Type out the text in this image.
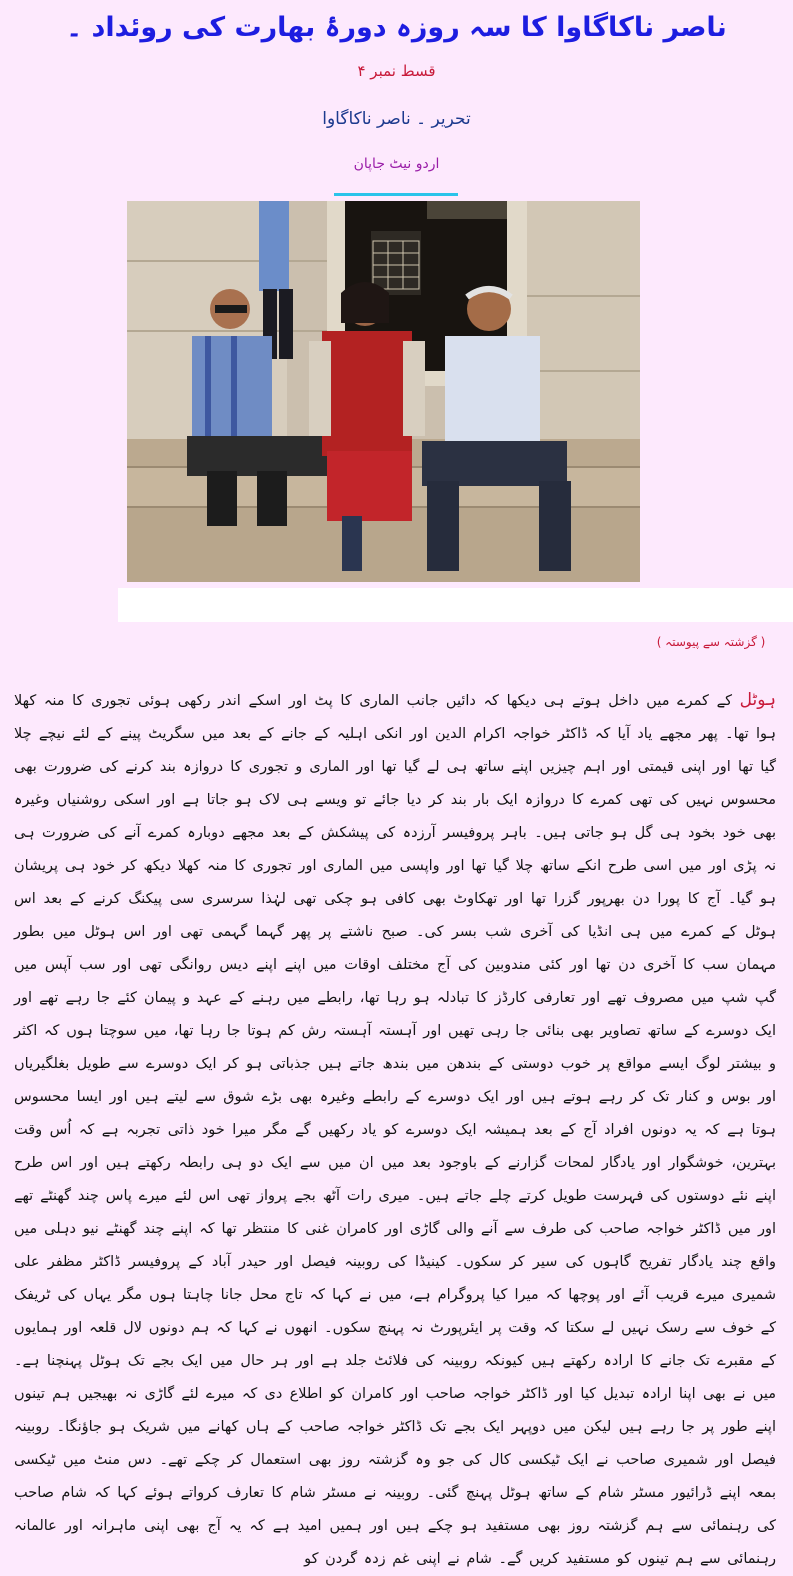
ناصر ناکاگاوا کا سہ روزہ دورۂ بھارت کی روئداد ۔
قسط نمبر ۴
تحریر ۔ ناصر ناکاگاوا
اردو نیٹ جاپان
( گزشتہ سے پیوستہ )
ہوٹل کے کمرے میں داخل ہوتے ہی دیکھا کہ دائیں جانب الماری کا پٹ اور اسکے اندر رکھی ہوئی تجوری کا منہ کھلا ہوا تھا۔ پھر مجھے یاد آیا کہ ڈاکٹر خواجہ اکرام الدین اور انکی اہلیہ کے جانے کے بعد میں سگریٹ پینے کے لئے نیچے چلا گیا تھا اور اپنی قیمتی اور اہم چیزیں اپنے ساتھ ہی لے گیا تھا اور الماری و تجوری کا دروازہ بند کرنے کی ضرورت بھی محسوس نہیں کی تھی کمرے کا دروازہ ایک بار بند کر دیا جائے تو ویسے ہی لاک ہو جاتا ہے اور اسکی روشنیاں وغیرہ بھی خود بخود ہی گل ہو جاتی ہیں۔ باہر پروفیسر آرزدہ کی پیشکش کے بعد مجھے دوبارہ کمرے آنے کی ضرورت ہی نہ پڑی اور میں اسی طرح انکے ساتھ چلا گیا تھا اور واپسی میں الماری اور تجوری کا منہ کھلا دیکھ کر خود ہی پریشان ہو گیا۔ آج کا پورا دن بھرپور گزرا تھا اور تھکاوٹ بھی کافی ہو چکی تھی لہٰذا سرسری سی پیکنگ کرنے کے بعد اس ہوٹل کے کمرے میں ہی انڈیا کی آخری شب بسر کی۔ صبح ناشتے پر پھر گہما گہمی تھی اور اس ہوٹل میں بطور مہمان سب کا آخری دن تھا اور کئی مندوبین کی آج مختلف اوقات میں اپنے اپنے دیس روانگی تھی اور سب آپس میں گپ شپ میں مصروف تھے اور تعارفی کارڈز کا تبادلہ ہو رہا تھا، رابطے میں رہنے کے عہد و پیمان کئے جا رہے تھے اور ایک دوسرے کے ساتھ تصاویر بھی بنائی جا رہی تھیں اور آہستہ آہستہ رش کم ہوتا جا رہا تھا، میں سوچتا ہوں کہ اکثر و بیشتر لوگ ایسے مواقع پر خوب دوستی کے بندھن میں بندھ جاتے ہیں جذباتی ہو کر ایک دوسرے سے طویل بغلگیریاں اور بوس و کنار تک کر رہے ہوتے ہیں اور ایک دوسرے کے رابطے وغیرہ بھی بڑے شوق سے لیتے ہیں اور ایسا محسوس ہوتا ہے کہ یہ دونوں افراد آج کے بعد ہمیشہ ایک دوسرے کو یاد رکھیں گے مگر میرا خود ذاتی تجربہ ہے کہ اُس وقت بہترین، خوشگوار اور یادگار لمحات گزارنے کے باوجود بعد میں ان میں سے ایک دو ہی رابطہ رکھتے ہیں اور اس طرح اپنے نئے دوستوں کی فہرست طویل کرتے چلے جاتے ہیں۔ میری رات آٹھ بجے پرواز تھی اس لئے میرے پاس چند گھنٹے تھے اور میں ڈاکٹر خواجہ صاحب کی طرف سے آنے والی گاڑی اور کامران غنی کا منتظر تھا کہ اپنے چند گھنٹے نیو دہلی میں واقع چند یادگار تفریح گاہوں کی سیر کر سکوں۔ کینیڈا کی روبینہ فیصل اور حیدر آباد کے پروفیسر ڈاکٹر مظفر علی شمیری میرے قریب آئے اور پوچھا کہ میرا کیا پروگرام ہے، میں نے کہا کہ تاج محل جانا چاہتا ہوں مگر یہاں کی ٹریفک کے خوف سے رسک نہیں لے سکتا کہ وقت پر ایئرپورٹ نہ پہنچ سکوں۔ انھوں نے کہا کہ ہم دونوں لال قلعہ اور ہمایوں کے مقبرے تک جانے کا ارادہ رکھتے ہیں کیونکہ روبینہ کی فلائٹ جلد ہے اور ہر حال میں ایک بجے تک ہوٹل پہنچنا ہے۔ میں نے بھی اپنا ارادہ تبدیل کیا اور ڈاکٹر خواجہ صاحب اور کامران کو اطلاع دی کہ میرے لئے گاڑی نہ بھیجیں ہم تینوں اپنے طور پر جا رہے ہیں لیکن میں دوپہر ایک بجے تک ڈاکٹر خواجہ صاحب کے ہاں کھانے میں شریک ہو جاؤنگا۔ روبینہ فیصل اور شمیری صاحب نے ایک ٹیکسی کال کی جو وہ گزشتہ روز بھی استعمال کر چکے تھے۔ دس منٹ میں ٹیکسی بمعہ اپنے ڈرائیور مسٹر شام کے ساتھ ہوٹل پہنچ گئی۔ روبینہ نے مسٹر شام کا تعارف کرواتے ہوئے کہا کہ شام صاحب کی رہنمائی سے ہم گزشتہ روز بھی مستفید ہو چکے ہیں اور ہمیں امید ہے کہ یہ آج بھی اپنی ماہرانہ اور عالمانہ رہنمائی سے ہم تینوں کو مستفید کریں گے۔ شام نے اپنی غم زدہ گردن کو
